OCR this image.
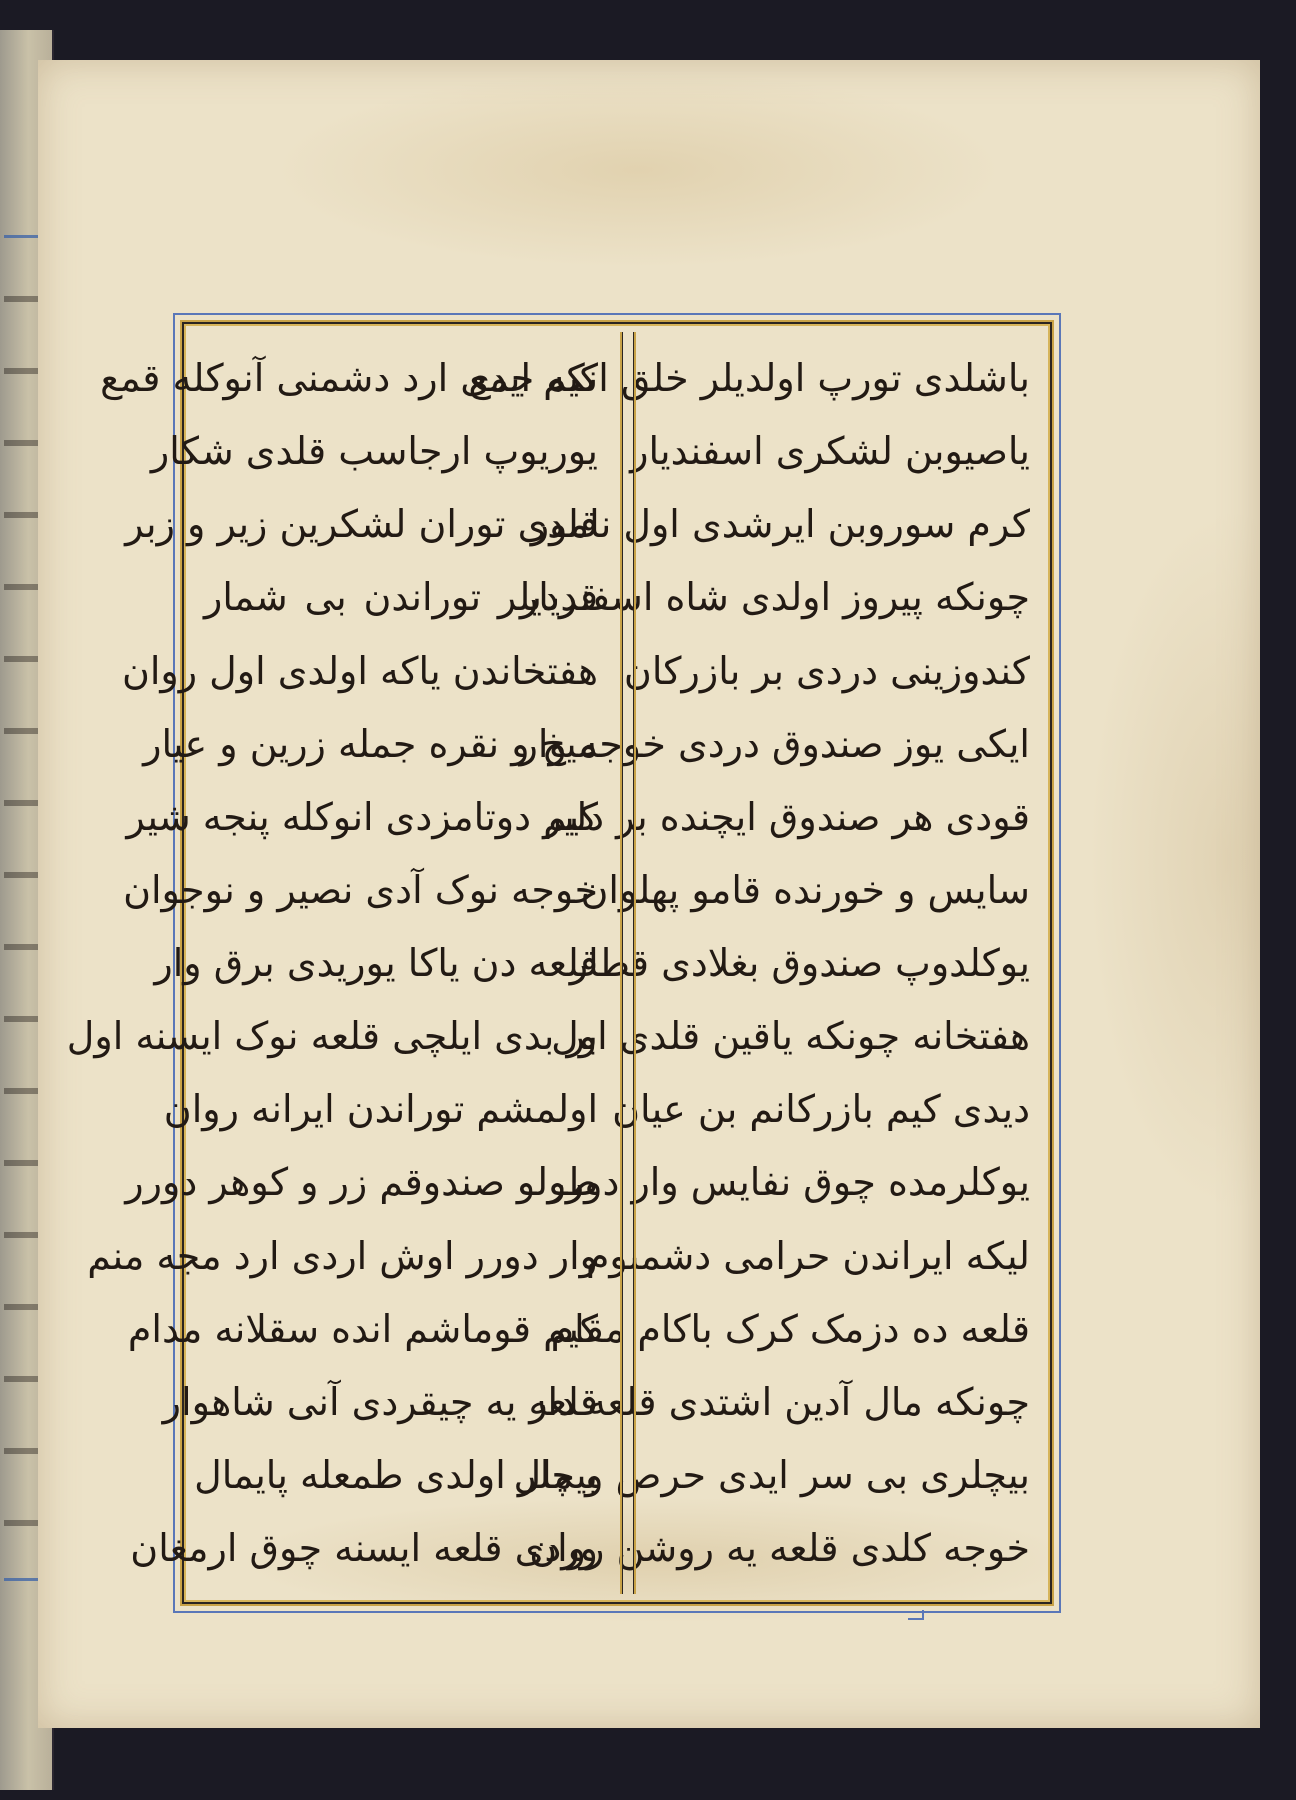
باشلدی تورپ اولدیلر خلق انکه جمع
یاصیوبن لشکری اسفندیار
کرم سوروبن ایرشدی اول نامور
چونکه پیروز اولدی شاه اسفندیار
کندوزینی دردی بر بازرکان
ایکی یوز صندوق دردی خوجه وار
قودی هر صندوق ایچنده بر دلیر
سایس و خورنده قامو پهلوان
یوکلدوپ صندوق بغلادی قطار
هفتخانه چونکه یاقین قلدی اول
دیدی کیم بازرکانم بن عیان
یوکلرمده چوق نفایس وار دورر
لیکه ایراندن حرامی دشمنوم
قلعه ده دزمک کرک باکام مقام
چونکه مال آدین اشتدی قلعه دار
بیچلری بی سر ایدی حرص و مال
خوجه کلدی قلعه یه روشن روان
کیم ایدی ارد دشمنی آنوکله قمع
یوریوپ ارجاسب قلدی شکار
قلدی توران لشکرین زیر و زبر
قردیلر توراندن بی شمار
هفتخاندن یاکه اولدی اول روان
میخ و نقره جمله زرین و عیار
کیم دوتامزدی انوکله پنجه شیر
خوجه نوک آدی نصیر و نوجوان
قلعه دن یاکا یوریدی برق وار
بر بدی ایلچی قلعه نوک ایسنه اول
اولمشم توراندن ایرانه روان
طولو صندوقم زر و کوهر دورر
وار دورر اوش اردی ارد مجه منم
کیم قوماشم انده سقلانه مدام
قلعه یه چیقردی آنی شاهوار
بیچلر اولدی طمعله پایمال
وردی قلعه ایسنه چوق ارمغان
